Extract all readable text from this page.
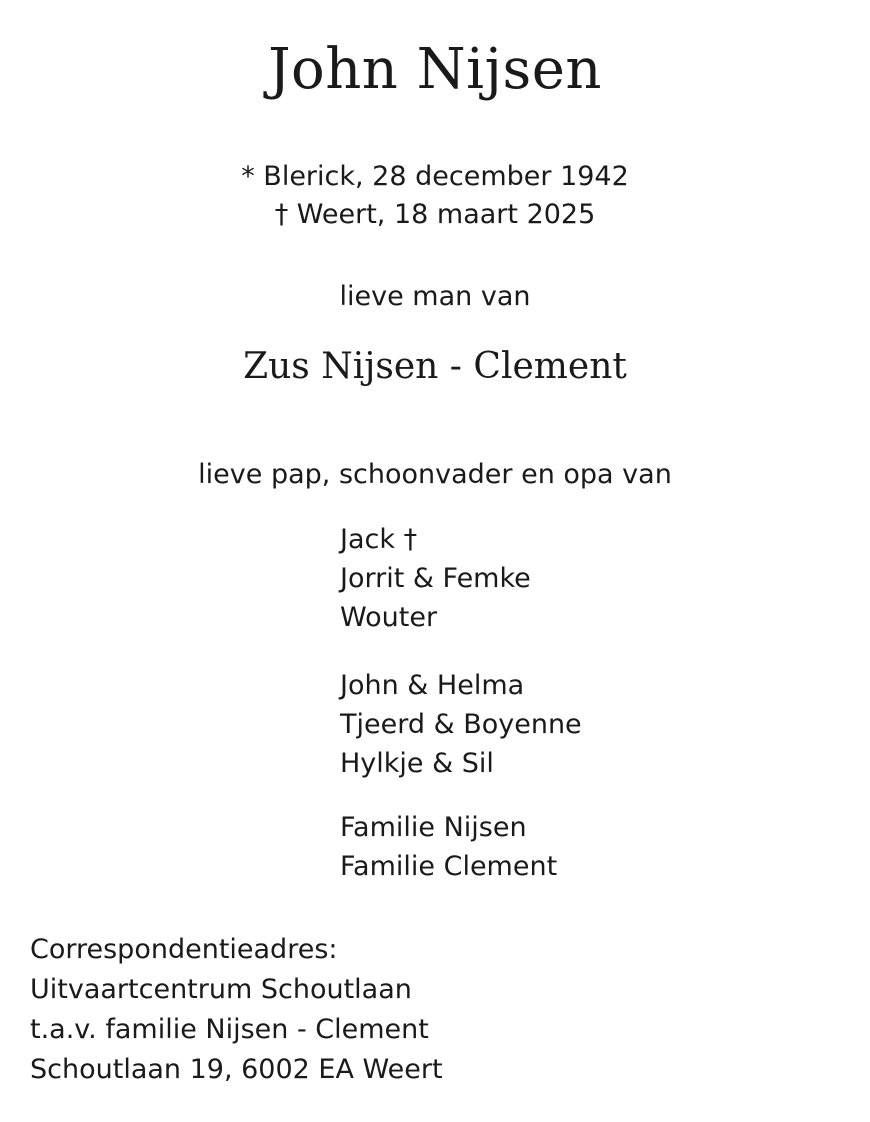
John Nijsen
* Blerick, 28 december 1942
† Weert, 18 maart 2025
lieve man van
Zus Nijsen - Clement
lieve pap, schoonvader en opa van
Jack †
Jorrit & Femke
Wouter
John & Helma
Tjeerd & Boyenne
Hylkje & Sil
Familie Nijsen
Familie Clement
Correspondentieadres:
Uitvaartcentrum Schoutlaan
t.a.v. familie Nijsen - Clement
Schoutlaan 19, 6002 EA Weert
